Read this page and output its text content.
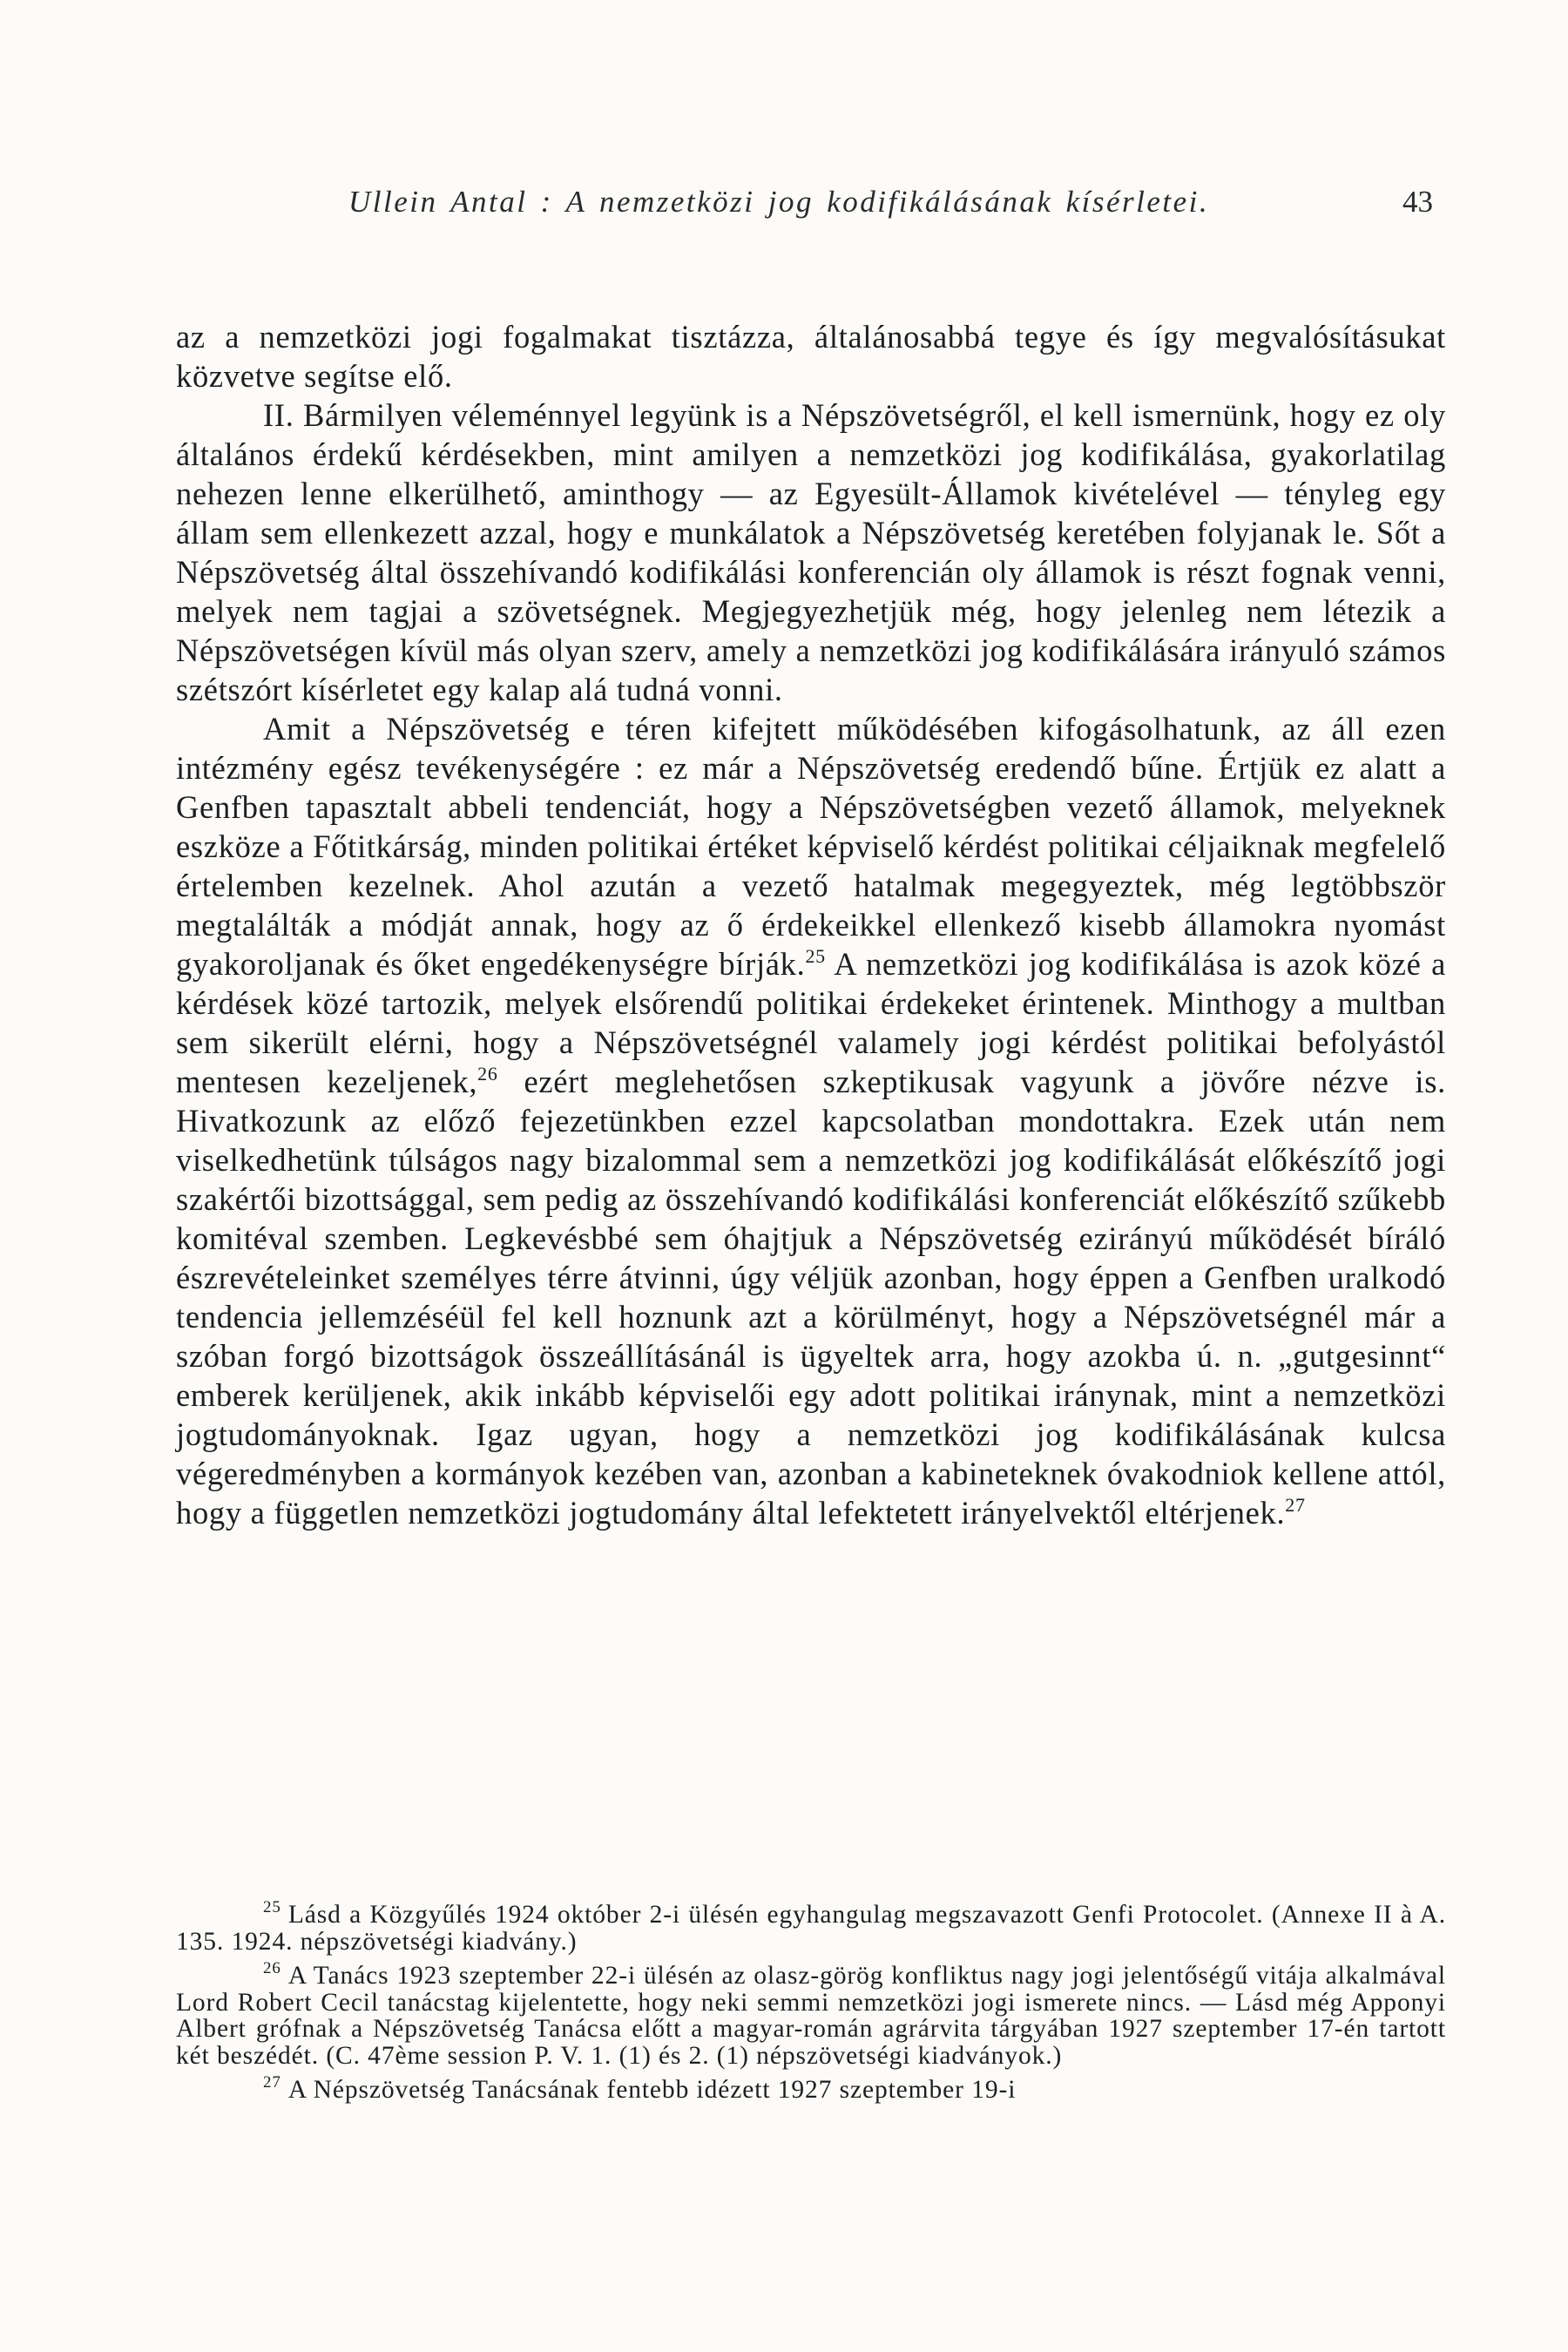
Ullein Antal : A nemzetközi jog kodifikálásának kísérletei.	43

az a nemzetközi jogi fogalmakat tisztázza, általánosabbá tegye és így megvalósításukat közvetve segítse elő.

II. Bármilyen véleménnyel legyünk is a Népszövetségről, el kell ismernünk, hogy ez oly általános érdekű kérdésekben, mint amilyen a nemzetközi jog kodifikálása, gyakorlatilag nehezen lenne elkerülhető, aminthogy — az Egyesült-Államok kivételével — tényleg egy állam sem ellenkezett azzal, hogy e munkálatok a Népszövetség keretében folyjanak le. Sőt a Népszövetség által összehívandó kodifikálási konferencián oly államok is részt fognak venni, melyek nem tagjai a szövetségnek. Megjegyezhetjük még, hogy jelenleg nem létezik a Népszövetségen kívül más olyan szerv, amely a nemzetközi jog kodifikálására irányuló számos szétszórt kísérletet egy kalap alá tudná vonni.

Amit a Népszövetség e téren kifejtett működésében kifogásolhatunk, az áll ezen intézmény egész tevékenységére : ez már a Népszövetség eredendő bűne. Értjük ez alatt a Genfben tapasztalt abbeli tendenciát, hogy a Népszövetségben vezető államok, melyeknek eszköze a Főtitkárság, minden politikai értéket képviselő kérdést politikai céljaiknak megfelelő értelemben kezelnek. Ahol azután a vezető hatalmak megegyeztek, még legtöbbször megtalálták a módját annak, hogy az ő érdekeikkel ellenkező kisebb államokra nyomást gyakoroljanak és őket engedékenységre bírják.$^{25}$ A nemzetközi jog kodifikálása is azok közé a kérdések közé tartozik, melyek elsőrendű politikai érdekeket érintenek. Minthogy a multban sem sikerült elérni, hogy a Népszövetségnél valamely jogi kérdést politikai befolyástól mentesen kezeljenek,$^{26}$ ezért meglehetősen szkeptikusak vagyunk a jövőre nézve is. Hivatkozunk az előző fejezetünkben ezzel kapcsolatban mondottakra. Ezek után nem viselkedhetünk túlságos nagy bizalommal sem a nemzetközi jog kodifikálását előkészítő jogi szakértői bizottsággal, sem pedig az összehívandó kodifikálási konferenciát előkészítő szűkebb komitéval szemben. Legkevésbbé sem óhajtjuk a Népszövetség ezirányú működését bíráló észrevételeinket személyes térre átvinni, úgy véljük azonban, hogy éppen a Genfben uralkodó tendencia jellemzéséül fel kell hoznunk azt a körülményt, hogy a Népszövetségnél már a szóban forgó bizottságok összeállításánál is ügyeltek arra, hogy azokba ú. n. „gutgesinnt“ emberek kerüljenek, akik inkább képviselői egy adott politikai iránynak, mint a nemzetközi jogtudományoknak. Igaz ugyan, hogy a nemzetközi jog kodifikálásának kulcsa végeredményben a kormányok kezében van, azonban a kabineteknek óvakodniok kellene attól, hogy a független nemzetközi jogtudomány által lefektetett irányelvektől eltérjenek.$^{27}$

$^{25}$ Lásd a Közgyűlés 1924 október 2-i ülésén egyhangulag megszavazott Genfi Protocolet. (Annexe II à A. 135. 1924. népszövetségi kiadvány.)

$^{26}$ A Tanács 1923 szeptember 22-i ülésén az olasz-görög konfliktus nagy jogi jelentőségű vitája alkalmával Lord Robert Cecil tanácstag kijelentette, hogy neki semmi nemzetközi jogi ismerete nincs. — Lásd még Apponyi Albert grófnak a Népszövetség Tanácsa előtt a magyar-román agrárvita tárgyában 1927 szeptember 17-én tartott két beszédét. (C. 47ème session P. V. 1. (1) és 2. (1) népszövetségi kiadványok.)

$^{27}$ A Népszövetség Tanácsának fentebb idézett 1927 szeptember 19-i
